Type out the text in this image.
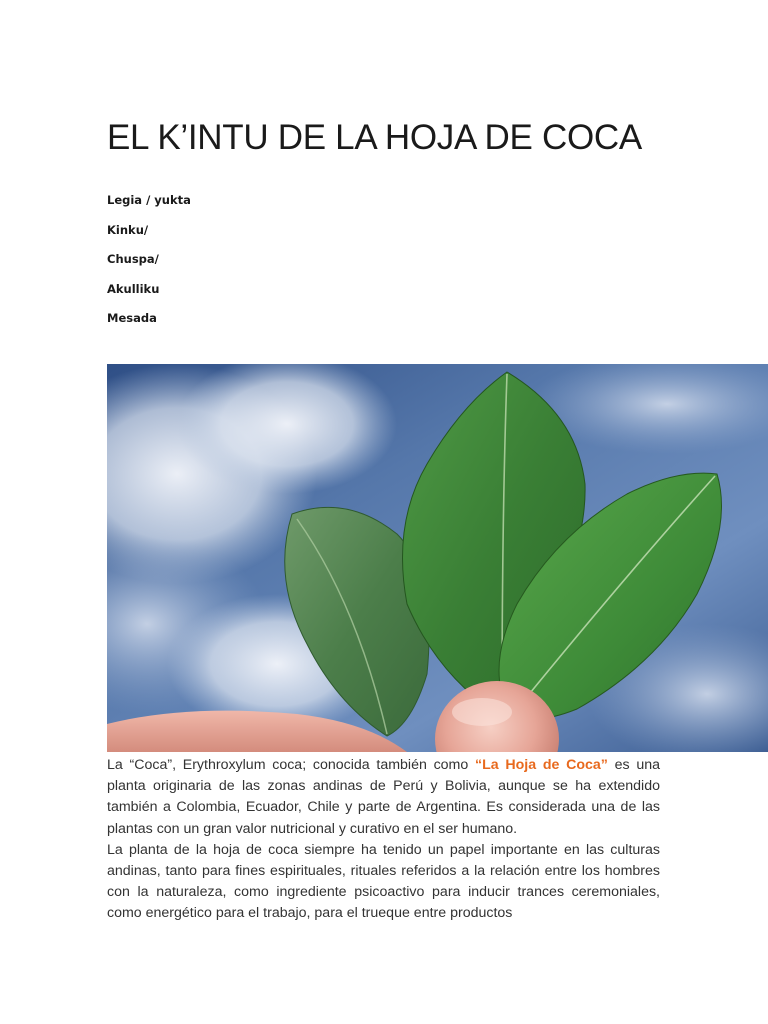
EL K’INTU DE LA HOJA DE COCA
Legia / yukta
Kinku/
Chuspa/
Akulliku
Mesada

La “Coca”, Erythroxylum coca; conocida también como “La Hoja de Coca” es una planta originaria de las zonas andinas de Perú y Bolivia, aunque se ha extendido también a Colombia, Ecuador, Chile y parte de Argentina. Es considerada una de las plantas con un gran valor nutricional y curativo en el ser humano.

La planta de la hoja de coca siempre ha tenido un papel importante en las culturas andinas, tanto para fines espirituales, rituales referidos a la relación entre los hombres con la naturaleza, como ingrediente psicoactivo para inducir trances ceremoniales, como energético para el trabajo, para el trueque entre productos
